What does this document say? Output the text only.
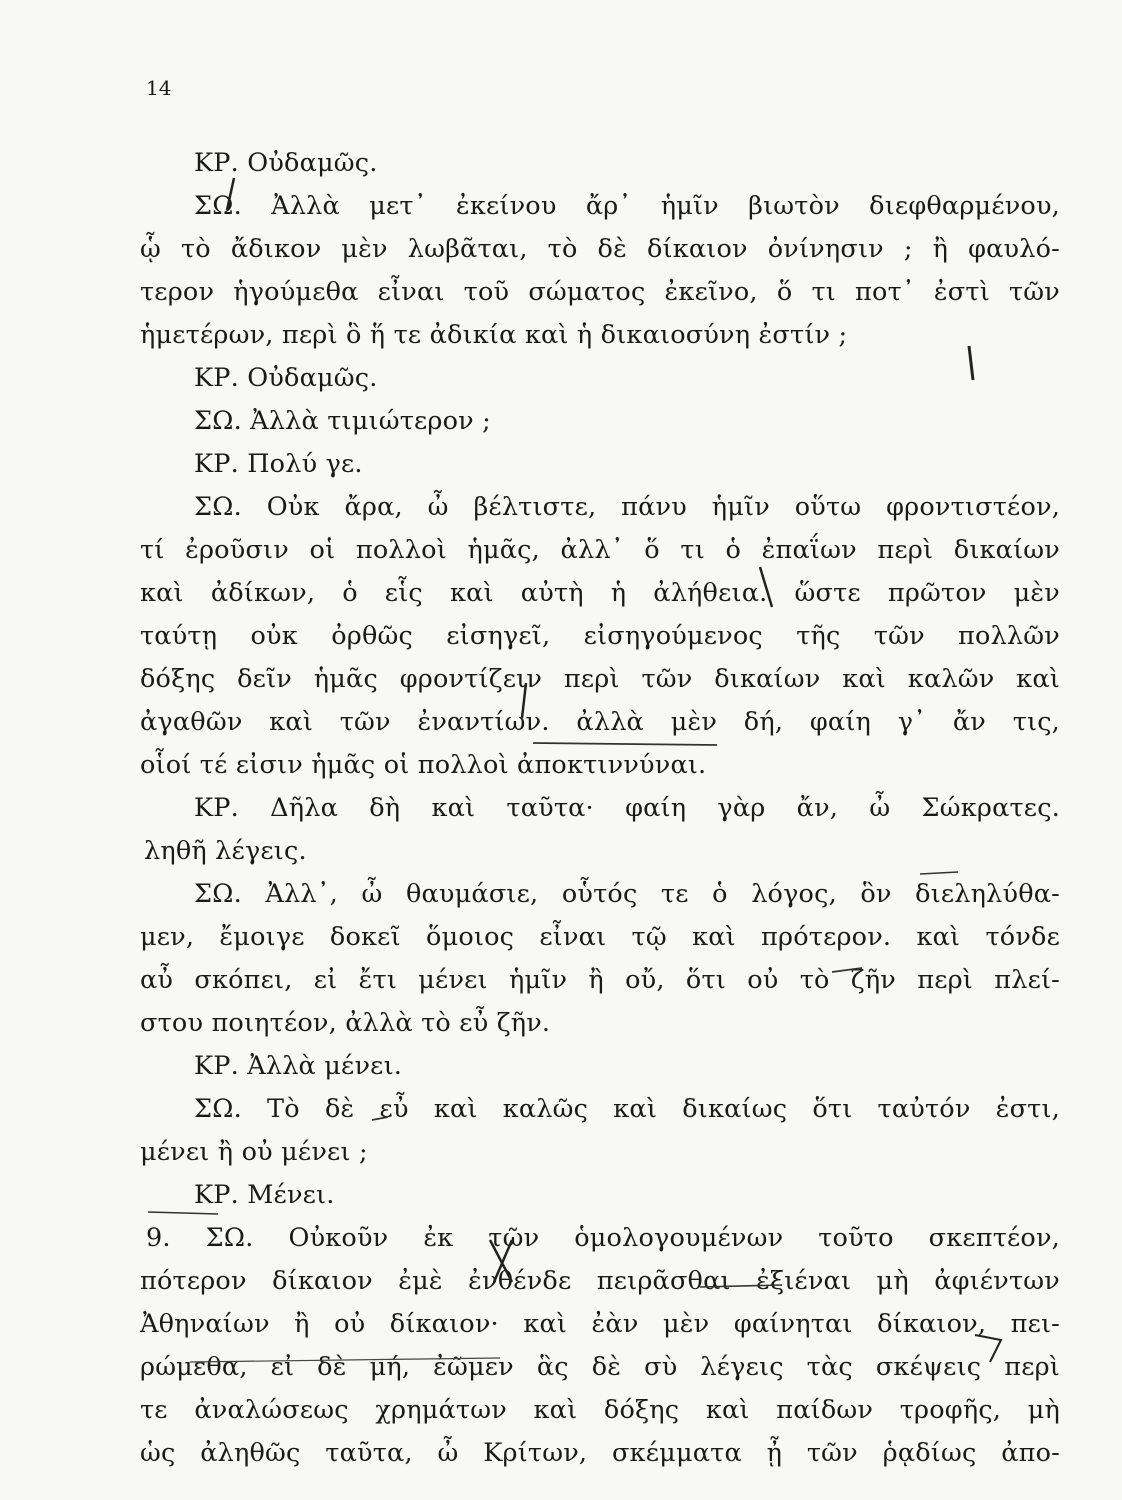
14
ΚΡ. Οὐδαμῶς.
ΣΩ. Ἀλλὰ μετ᾽ ἐκείνου ἄρ᾽ ἡμῖν βιωτὸν διεφθαρμένου,
ᾧ τὸ ἄδικον μὲν λωβᾶται, τὸ δὲ δίκαιον ὀνίνησιν ; ἢ φαυλό-
τερον ἡγούμεθα εἶναι τοῦ σώματος ἐκεῖνο, ὅ τι ποτ᾽ ἐστὶ τῶν
ἡμετέρων, περὶ ὃ ἥ τε ἀδικία καὶ ἡ δικαιοσύνη ἐστίν ;
ΚΡ. Οὐδαμῶς.
ΣΩ. Ἀλλὰ τιμιώτερον ;
ΚΡ. Πολύ γε.
ΣΩ. Οὐκ ἄρα, ὦ βέλτιστε, πάνυ ἡμῖν οὕτω φροντιστέον,
τί ἐροῦσιν οἱ πολλοὶ ἡμᾶς, ἀλλ᾽ ὅ τι ὁ ἐπαΐων περὶ δικαίων
καὶ ἀδίκων, ὁ εἷς καὶ αὐτὴ ἡ ἀλήθεια. ὥστε πρῶτον μὲν
ταύτῃ οὐκ ὀρθῶς εἰσηγεῖ, εἰσηγούμενος τῆς τῶν πολλῶν
δόξης δεῖν ἡμᾶς φροντίζειν περὶ τῶν δικαίων καὶ καλῶν καὶ
ἀγαθῶν καὶ τῶν ἐναντίων. ἀλλὰ μὲν δή, φαίη γ᾽ ἄν τις,
οἷοί τέ εἰσιν ἡμᾶς οἱ πολλοὶ ἀποκτιννύναι.
ΚΡ. Δῆλα δὴ καὶ ταῦτα· φαίη γὰρ ἄν, ὦ Σώκρατες.
ληθῆ λέγεις.
ΣΩ. Ἀλλ᾽, ὦ θαυμάσιε, οὗτός τε ὁ λόγος, ὃν διεληλύθα-
μεν, ἔμοιγε δοκεῖ ὅμοιος εἶναι τῷ καὶ πρότερον. καὶ τόνδε
αὖ σκόπει, εἰ ἔτι μένει ἡμῖν ἢ οὔ, ὅτι οὐ τὸ ζῆν περὶ πλεί-
στου ποιητέον, ἀλλὰ τὸ εὖ ζῆν.
ΚΡ. Ἀλλὰ μένει.
ΣΩ. Τὸ δὲ εὖ καὶ καλῶς καὶ δικαίως ὅτι ταὐτόν ἐστι,
μένει ἢ οὐ μένει ;
ΚΡ. Μένει.
9. ΣΩ. Οὐκοῦν ἐκ τῶν ὁμολογουμένων τοῦτο σκεπτέον,
πότερον δίκαιον ἐμὲ ἐνθένδε πειρᾶσθαι ἐξιέναι μὴ ἀφιέντων
Ἀθηναίων ἢ οὐ δίκαιον· καὶ ἐὰν μὲν φαίνηται δίκαιον, πει-
ρώμεθα, εἰ δὲ μή, ἐῶμεν ἃς δὲ σὺ λέγεις τὰς σκέψεις περὶ
τε ἀναλώσεως χρημάτων καὶ δόξης καὶ παίδων τροφῆς, μὴ
ὡς ἀληθῶς ταῦτα, ὦ Κρίτων, σκέμματα ᾖ τῶν ῥᾳδίως ἀπο-
